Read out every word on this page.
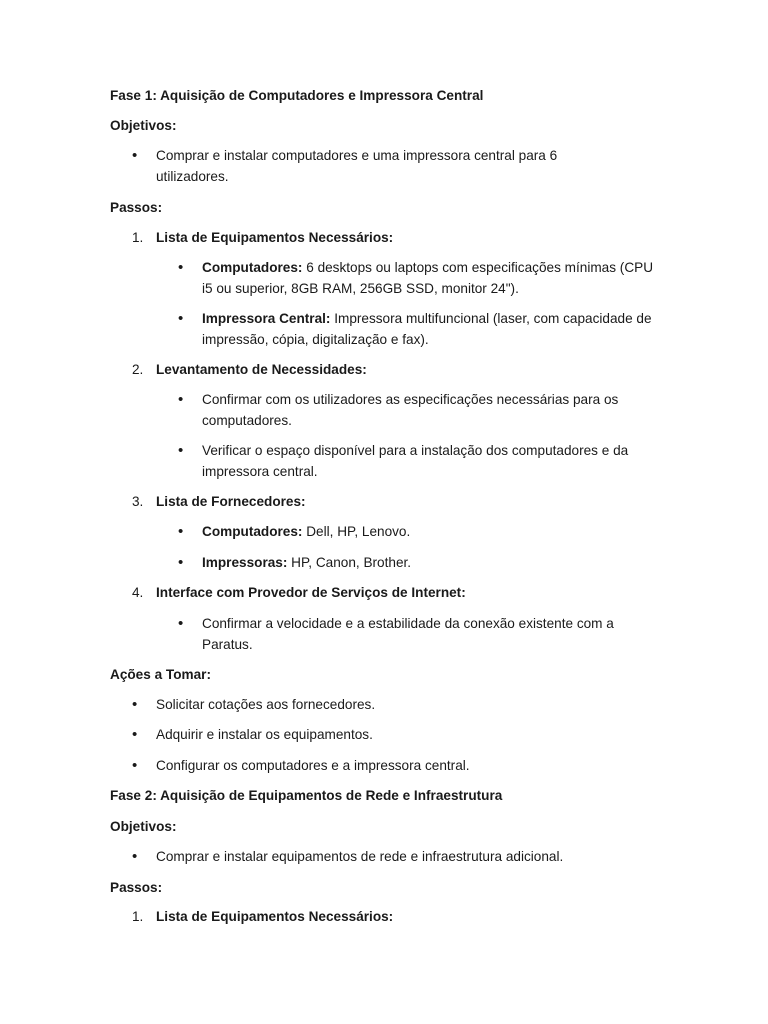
Fase 1: Aquisição de Computadores e Impressora Central
Objetivos:
• Comprar e instalar computadores e uma impressora central para 6 utilizadores.
Passos:
1. Lista de Equipamentos Necessários:
• Computadores: 6 desktops ou laptops com especificações mínimas (CPU i5 ou superior, 8GB RAM, 256GB SSD, monitor 24").
• Impressora Central: Impressora multifuncional (laser, com capacidade de impressão, cópia, digitalização e fax).
2. Levantamento de Necessidades:
• Confirmar com os utilizadores as especificações necessárias para os computadores.
• Verificar o espaço disponível para a instalação dos computadores e da impressora central.
3. Lista de Fornecedores:
• Computadores: Dell, HP, Lenovo.
• Impressoras: HP, Canon, Brother.
4. Interface com Provedor de Serviços de Internet:
• Confirmar a velocidade e a estabilidade da conexão existente com a Paratus.
Ações a Tomar:
• Solicitar cotações aos fornecedores.
• Adquirir e instalar os equipamentos.
• Configurar os computadores e a impressora central.
Fase 2: Aquisição de Equipamentos de Rede e Infraestrutura
Objetivos:
• Comprar e instalar equipamentos de rede e infraestrutura adicional.
Passos:
1. Lista de Equipamentos Necessários:
